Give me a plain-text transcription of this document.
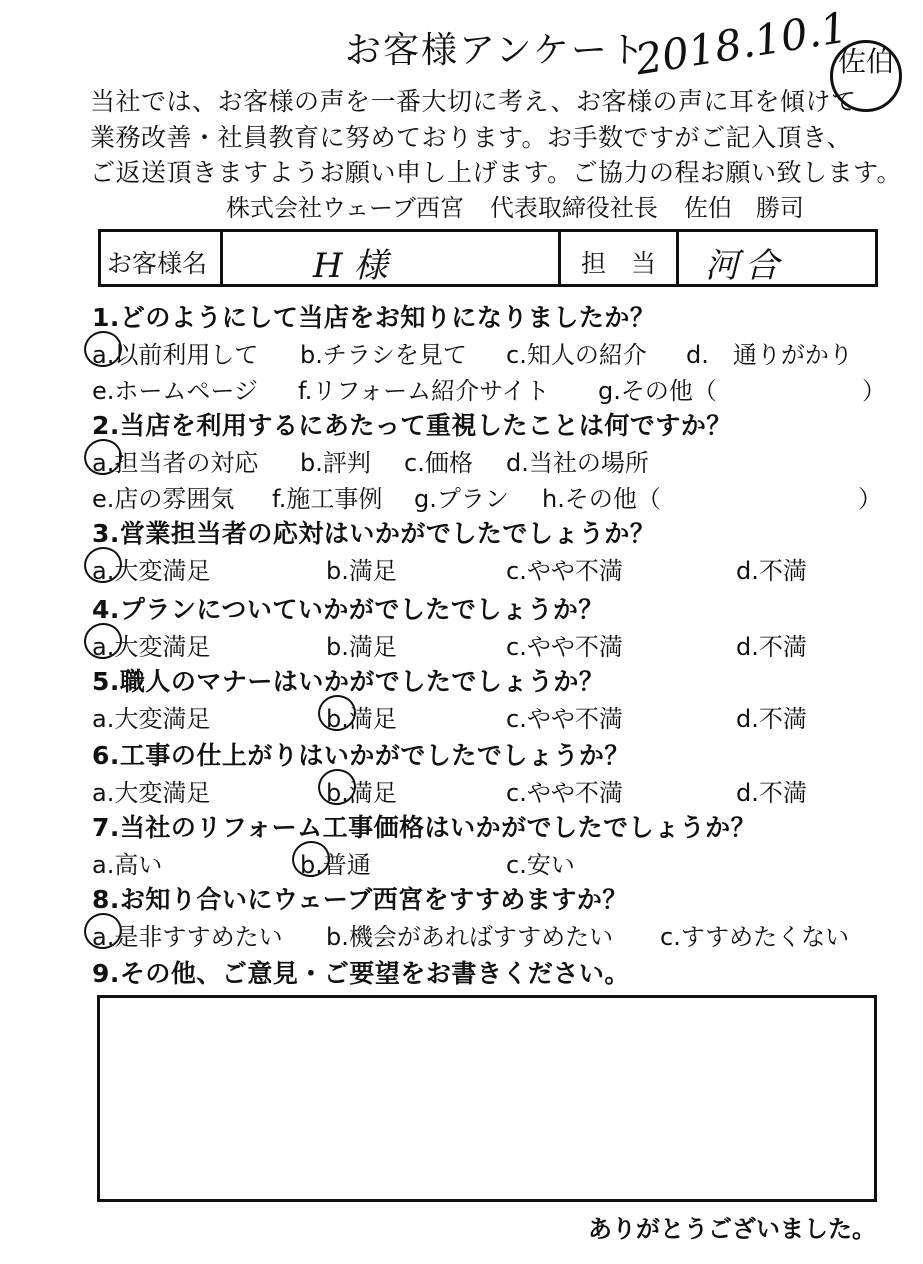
お客様アンケート
当社では、お客様の声を一番大切に考え、お客様の声に耳を傾けて
業務改善・社員教育に努めております。お手数ですがご記入頂き、
ご返送頂きますようお願い申し上げます。ご協力の程お願い致します。
株式会社ウェーブ西宮 代表取締役社長 佐伯　勝司
2018.10.1
佐伯
お客様名	H 様	担　当 河合
1.どのようにして当店をお知りになりましたか？
a.以前利用して b.チラシを見て c.知人の紹介 d.　通りがかり
e.ホームページ f.リフォーム紹介サイト g.その他（	）
2.当店を利用するにあたって重視したことは何ですか？
a.担当者の対応 b.評判 c.価格 d.当社の場所
e.店の雰囲気 f.施工事例 g.プラン h.その他（	）
3.営業担当者の応対はいかがでしたでしょうか？
a.大変満足	b.満足	c.やや不満	d.不満
4.プランについていかがでしたでしょうか？
a.大変満足	b.満足	c.やや不満	d.不満
5.職人のマナーはいかがでしたでしょうか？
a.大変満足	b.満足	c.やや不満	d.不満
6.工事の仕上がりはいかがでしたでしょうか？
a.大変満足	b.満足	c.やや不満	d.不満
7.当社のリフォーム工事価格はいかがでしたでしょうか？
a.高い	b.普通	c.安い
8.お知り合いにウェーブ西宮をすすめますか？
a.是非すすめたい b.機会があればすすめたい c.すすめたくない
9.その他、ご意見・ご要望をお書きください。
ありがとうございました。
